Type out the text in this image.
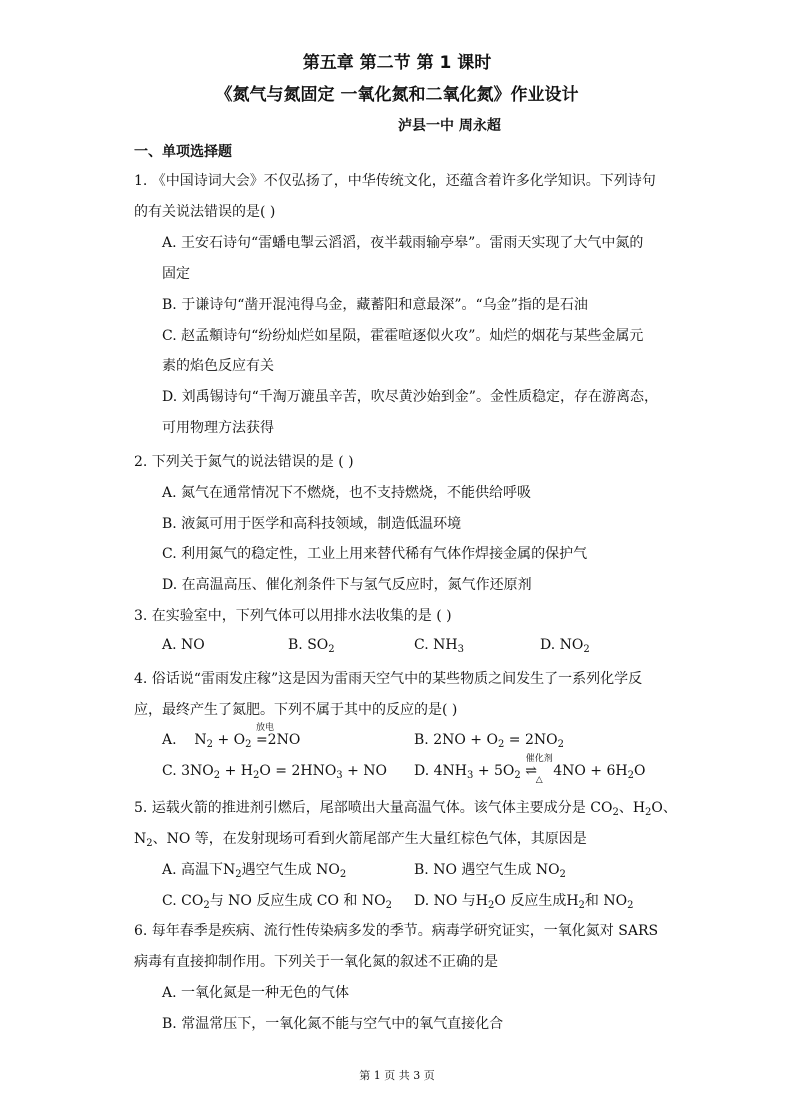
第五章 第二节 第 1 课时
《氮气与氮固定 一氧化氮和二氧化氮》作业设计
泸县一中 周永超
一、单项选择题
1. 《中国诗词大会》不仅弘扬了，中华传统文化，还蕴含着许多化学知识。下列诗句
的有关说法错误的是( )
A. 王安石诗句“雷蟠电掣云滔滔，夜半载雨输亭皋”。雷雨天实现了大气中氮的
固定
B. 于谦诗句“凿开混沌得乌金，藏蓄阳和意最深”。“乌金”指的是石油
C. 赵孟頫诗句“纷纷灿烂如星陨，霍霍喧逐似火攻”。灿烂的烟花与某些金属元
素的焰色反应有关
D. 刘禹锡诗句“千淘万漉虽辛苦，吹尽黄沙始到金”。金性质稳定，存在游离态，
可用物理方法获得
2. 下列关于氮气的说法错误的是 ( )
A. 氮气在通常情况下不燃烧，也不支持燃烧，不能供给呼吸
B. 液氮可用于医学和高科技领域，制造低温环境
C. 利用氮气的稳定性，工业上用来替代稀有气体作焊接金属的保护气
D. 在高温高压、催化剂条件下与氢气反应时，氮气作还原剂
3. 在实验室中，下列气体可以用排水法收集的是 ( )
A. NO	B. $SO_2$	C. $NH_3$	D. $NO_2$
4. 俗话说“雷雨发庄稼”这是因为雷雨天空气中的某些物质之间发生了一系列化学反
应，最终产生了氮肥。下列不属于其中的反应的是( )
A. $N_2 + O_2$
放电
=2NO	B. $2NO + O_2 = 2NO_2$
C. $3NO_2 + H_2O = 2HNO_3$ + NO D. $4NH_3 + 5O_2$
催化剂
⇌
△
$4NO + 6H_2O$
5. 运载火箭的推进剂引燃后，尾部喷出大量高温气体。该气体主要成分是 $CO_2$、$H_2O$、
$N_2$、NO 等，在发射现场可看到火箭尾部产生大量红棕色气体，其原因是
A. 高温下$N_2$遇空气生成 $NO_2$	B. NO 遇空气生成 $NO_2$
C. $CO_2$与 NO 反应生成 CO 和 $NO_2$ D. NO 与$H_2O$ 反应生成$H_2$和 $NO_2$
6. 每年春季是疾病、流行性传染病多发的季节。病毒学研究证实，一氧化氮对 SARS
病毒有直接抑制作用。下列关于一氧化氮的叙述不正确的是
A. 一氧化氮是一种无色的气体
B. 常温常压下，一氧化氮不能与空气中的氧气直接化合
第 1 页 共 3 页
